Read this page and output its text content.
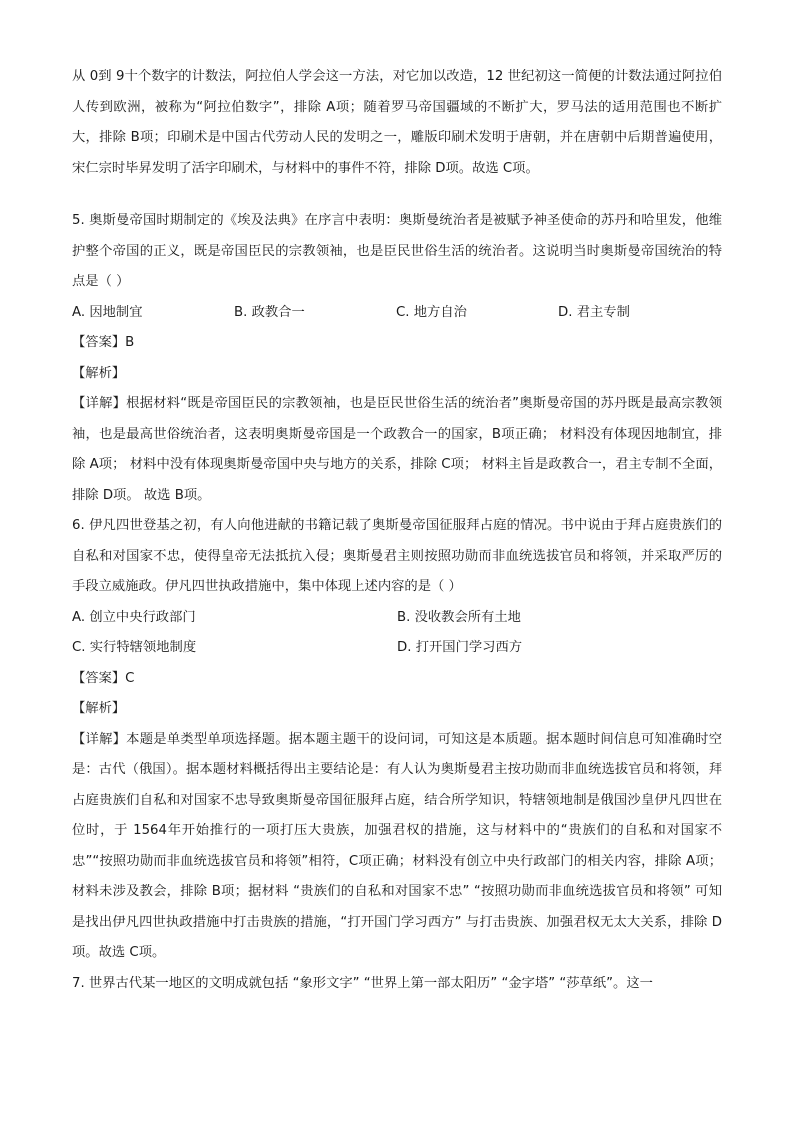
从 0到 9十个数字的计数法，阿拉伯人学会这一方法，对它加以改造，12 世纪初这一简便的计数法通过阿拉伯人传到欧洲，被称为“阿拉伯数字”，排除 A项；随着罗马帝国疆域的不断扩大，罗马法的适用范围也不断扩大，排除 B项；印刷术是中国古代劳动人民的发明之一，雕版印刷术发明于唐朝，并在唐朝中后期普遍使用，宋仁宗时毕昇发明了活字印刷术，与材料中的事件不符，排除 D项。故选 C项。

5. 奥斯曼帝国时期制定的《埃及法典》在序言中表明：奥斯曼统治者是被赋予神圣使命的苏丹和哈里发，他维护整个帝国的正义，既是帝国臣民的宗教领袖，也是臣民世俗生活的统治者。这说明当时奥斯曼帝国统治的特点是（ ）

A. 因地制宜	B. 政教合一	C. 地方自治	D. 君主专制

【答案】B

【解析】

【详解】根据材料“既是帝国臣民的宗教领袖，也是臣民世俗生活的统治者”奥斯曼帝国的苏丹既是最高宗教领袖，也是最高世俗统治者，这表明奥斯曼帝国是一个政教合一的国家，B项正确； 材料没有体现因地制宜，排除 A项； 材料中没有体现奥斯曼帝国中央与地方的关系，排除 C项； 材料主旨是政教合一，君主专制不全面，排除 D项。 故选 B项。

6. 伊凡四世登基之初，有人向他进献的书籍记载了奥斯曼帝国征服拜占庭的情况。书中说由于拜占庭贵族们的自私和对国家不忠，使得皇帝无法抵抗入侵；奥斯曼君主则按照功勋而非血统选拔官员和将领，并采取严厉的手段立威施政。伊凡四世执政措施中，集中体现上述内容的是（ ）

A. 创立中央行政部门	B. 没收教会所有土地
C. 实行特辖领地制度	D. 打开国门学习西方

【答案】C

【解析】

【详解】本题是单类型单项选择题。据本题主题干的设问词，可知这是本质题。据本题时间信息可知准确时空是：古代（俄国）。据本题材料概括得出主要结论是：有人认为奥斯曼君主按功勋而非血统选拔官员和将领，拜占庭贵族们自私和对国家不忠导致奥斯曼帝国征服拜占庭，结合所学知识，特辖领地制是俄国沙皇伊凡四世在位时，于 1564年开始推行的一项打压大贵族，加强君权的措施，这与材料中的“贵族们的自私和对国家不忠”“按照功勋而非血统选拔官员和将领”相符，C项正确；材料没有创立中央行政部门的相关内容，排除 A项；材料未涉及教会，排除 B项；据材料 “贵族们的自私和对国家不忠” “按照功勋而非血统选拔官员和将领” 可知是找出伊凡四世执政措施中打击贵族的措施，“打开国门学习西方” 与打击贵族、加强君权无太大关系，排除 D项。故选 C项。

7. 世界古代某一地区的文明成就包括 “象形文字” “世界上第一部太阳历” “金字塔” “莎草纸”。这一
